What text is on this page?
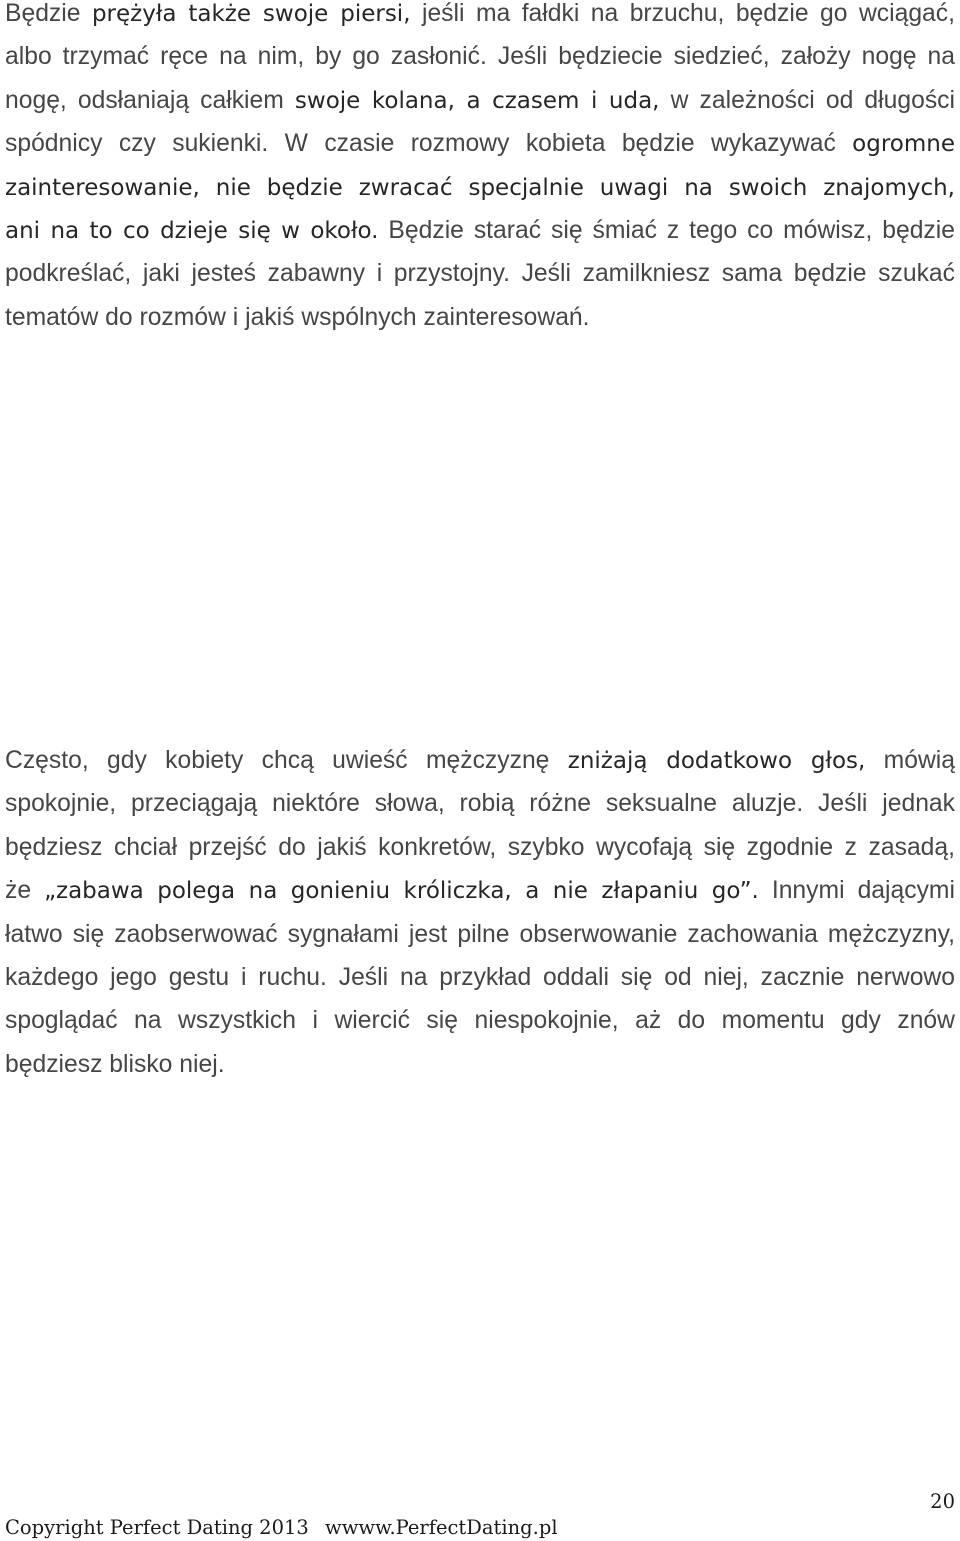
Będzie prężyła także swoje piersi, jeśli ma fałdki na brzuchu, będzie go wciągać,
albo trzymać ręce na nim, by go zasłonić. Jeśli będziecie siedzieć, założy nogę na
nogę, odsłaniają całkiem swoje kolana, a czasem i uda, w zależności od długości
spódnicy czy sukienki. W czasie rozmowy kobieta będzie wykazywać ogromne
zainteresowanie, nie będzie zwracać specjalnie uwagi na swoich znajomych,
ani na to co dzieje się w około. Będzie starać się śmiać z tego co mówisz, będzie
podkreślać, jaki jesteś zabawny i przystojny. Jeśli zamilkniesz sama będzie szukać
tematów do rozmów i jakiś wspólnych zainteresowań.
Często, gdy kobiety chcą uwieść mężczyznę zniżają dodatkowo głos, mówią
spokojnie, przeciągają niektóre słowa, robią różne seksualne aluzje. Jeśli jednak
będziesz chciał przejść do jakiś konkretów, szybko wycofają się zgodnie z zasadą,
że „zabawa polega na gonieniu króliczka, a nie złapaniu go”. Innymi dającymi
łatwo się zaobserwować sygnałami jest pilne obserwowanie zachowania mężczyzny,
każdego jego gestu i ruchu. Jeśli na przykład oddali się od niej, zacznie nerwowo
spoglądać na wszystkich i wiercić się niespokojnie, aż do momentu gdy znów
będziesz blisko niej.
20
Copyright Perfect Dating 2013 wwww.PerfectDating.pl
